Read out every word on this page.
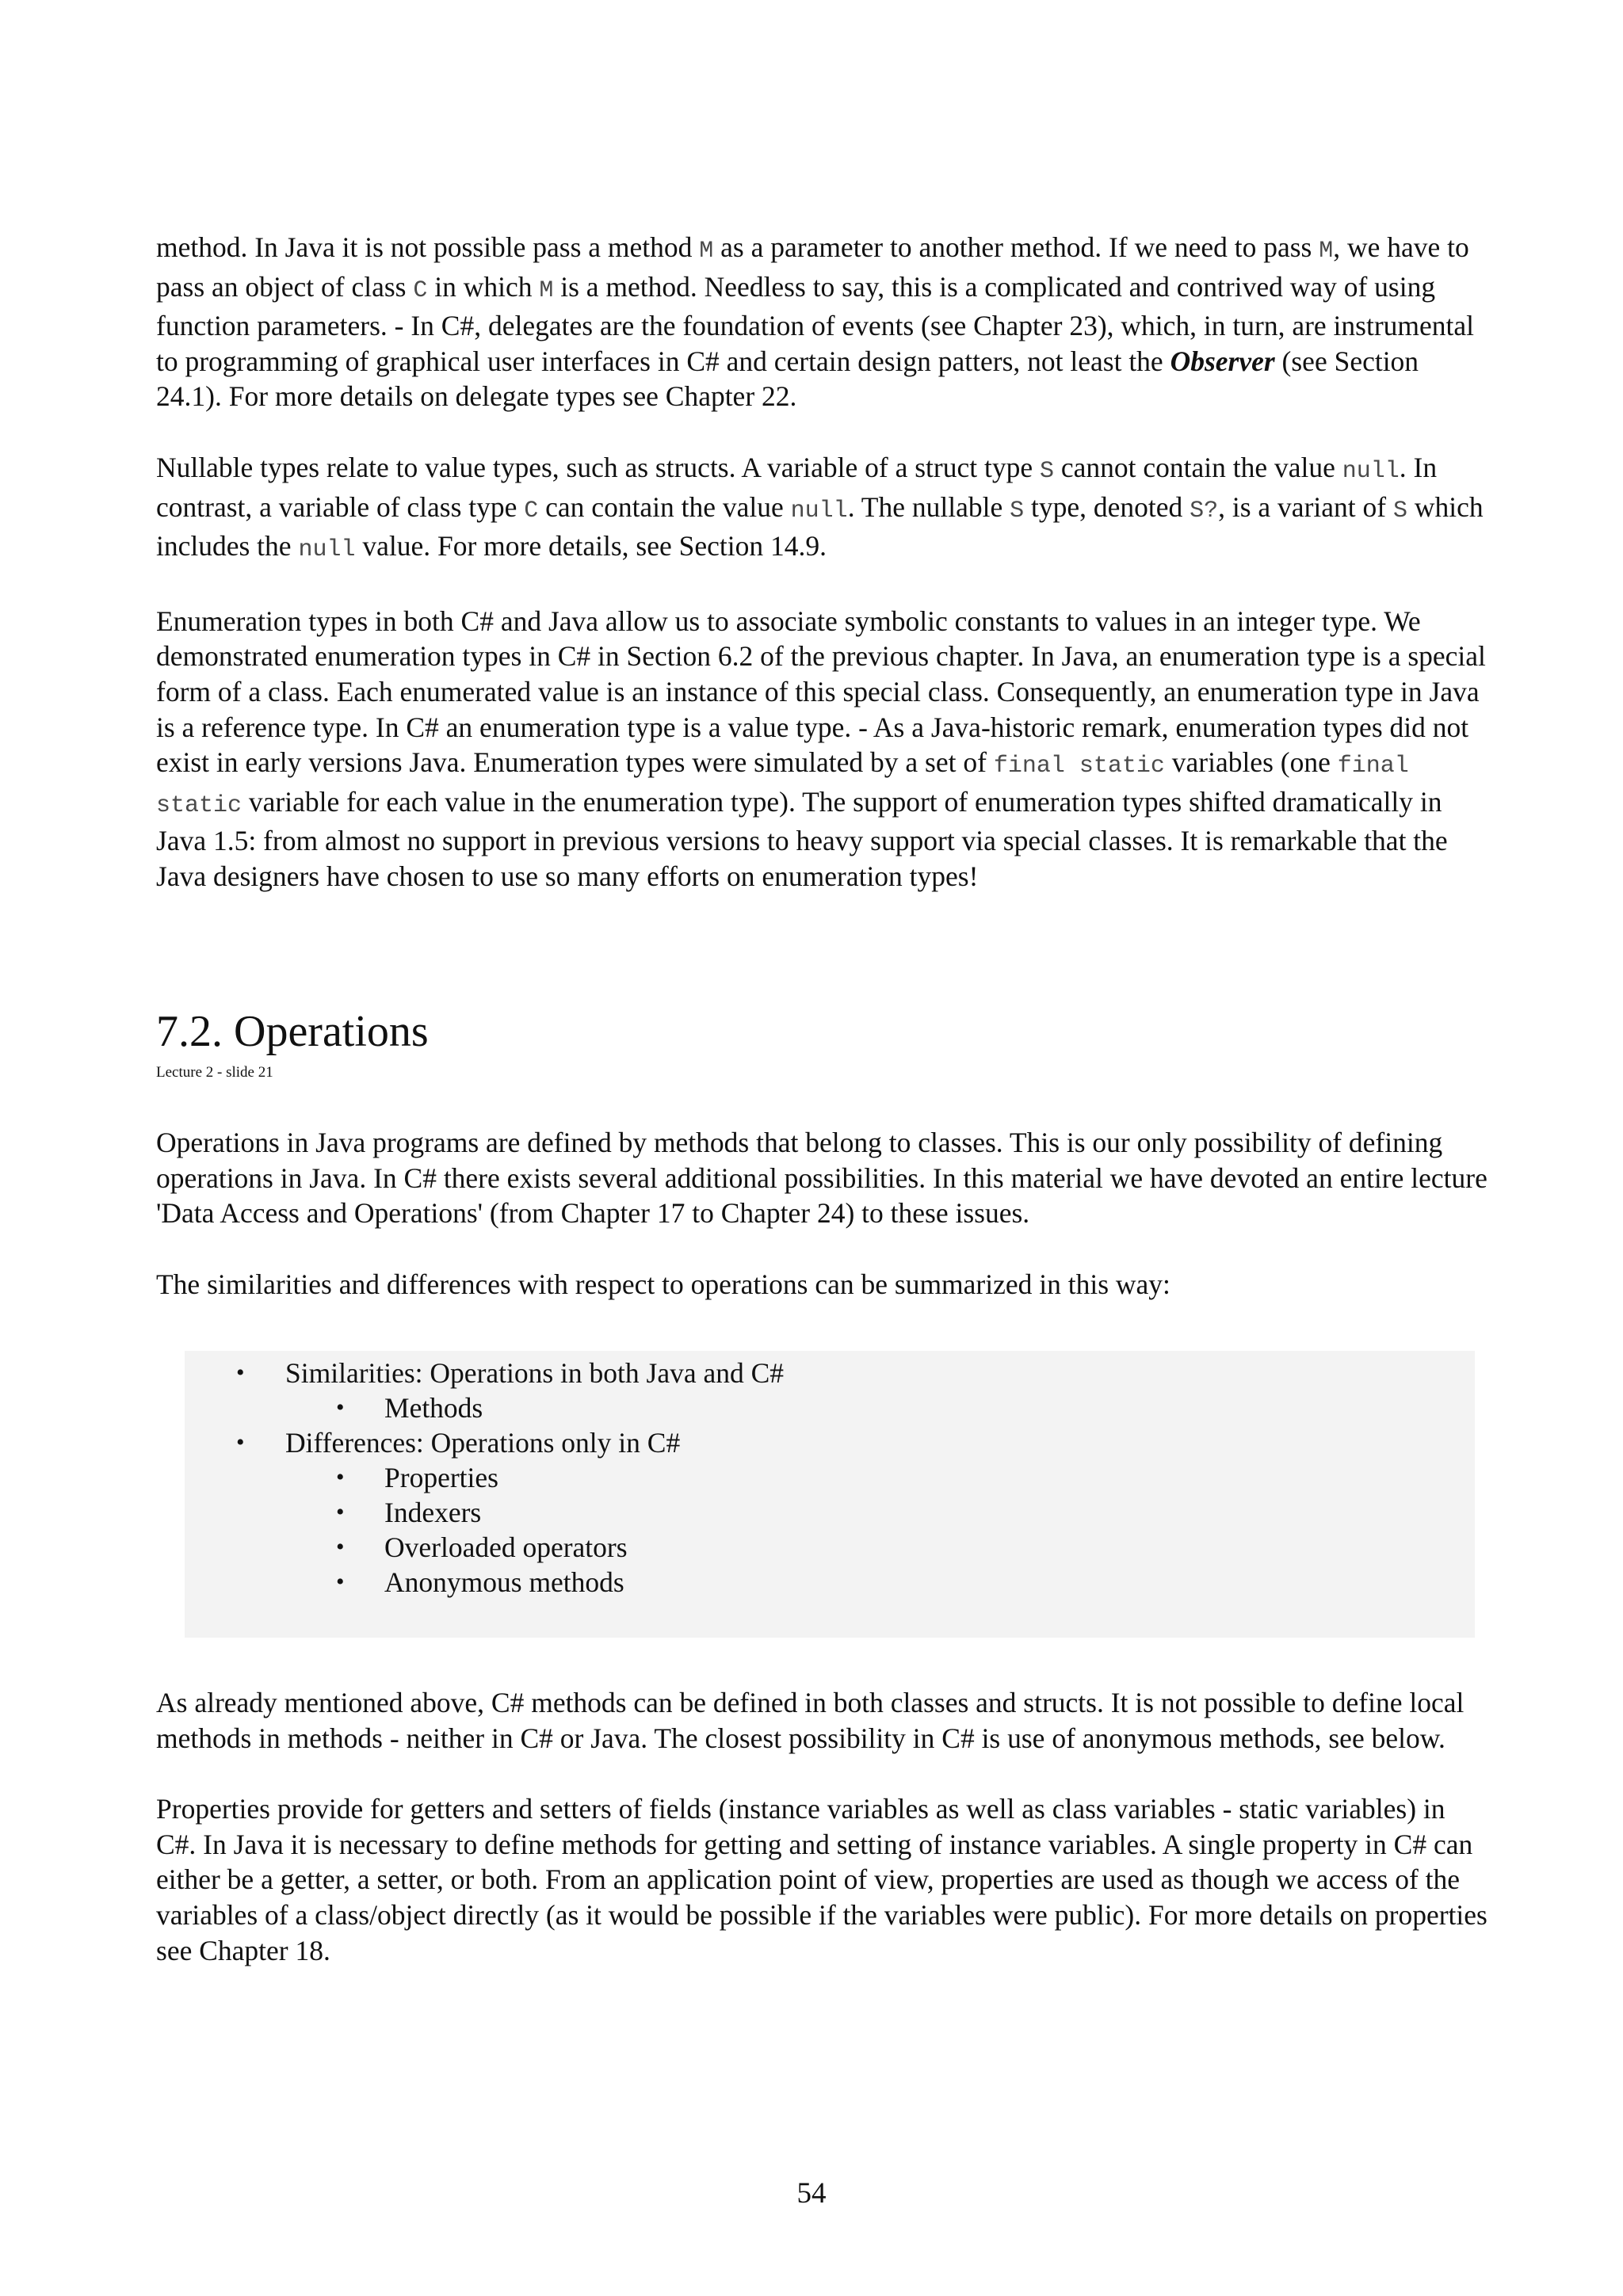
method. In Java it is not possible pass a method M as a parameter to another method. If we need to pass M, we have to pass an object of class C in which M is a method. Needless to say, this is a complicated and contrived way of using function parameters. - In C#, delegates are the foundation of events (see Chapter 23), which, in turn, are instrumental to programming of graphical user interfaces in C# and certain design patters, not least the Observer (see Section 24.1). For more details on delegate types see Chapter 22.

Nullable types relate to value types, such as structs. A variable of a struct type S cannot contain the value null. In contrast, a variable of class type C can contain the value null. The nullable S type, denoted S?, is a variant of S which includes the null value. For more details, see Section 14.9.

Enumeration types in both C# and Java allow us to associate symbolic constants to values in an integer type. We demonstrated enumeration types in C# in Section 6.2 of the previous chapter. In Java, an enumeration type is a special form of a class. Each enumerated value is an instance of this special class. Consequently, an enumeration type in Java is a reference type. In C# an enumeration type is a value type. - As a Java-historic remark, enumeration types did not exist in early versions Java. Enumeration types were simulated by a set of final static variables (one final static variable for each value in the enumeration type). The support of enumeration types shifted dramatically in Java 1.5: from almost no support in previous versions to heavy support via special classes. It is remarkable that the Java designers have chosen to use so many efforts on enumeration types!

7.2. Operations
Lecture 2 - slide 21

Operations in Java programs are defined by methods that belong to classes. This is our only possibility of defining operations in Java. In C# there exists several additional possibilities. In this material we have devoted an entire lecture 'Data Access and Operations' (from Chapter 17 to Chapter 24) to these issues.

The similarities and differences with respect to operations can be summarized in this way:

• Similarities: Operations in both Java and C#
• Methods
• Differences: Operations only in C#
• Properties
• Indexers
• Overloaded operators
• Anonymous methods

As already mentioned above, C# methods can be defined in both classes and structs. It is not possible to define local methods in methods - neither in C# or Java. The closest possibility in C# is use of anonymous methods, see below.

Properties provide for getters and setters of fields (instance variables as well as class variables - static variables) in C#. In Java it is necessary to define methods for getting and setting of instance variables. A single property in C# can either be a getter, a setter, or both. From an application point of view, properties are used as though we access of the variables of a class/object directly (as it would be possible if the variables were public). For more details on properties see Chapter 18.

54
